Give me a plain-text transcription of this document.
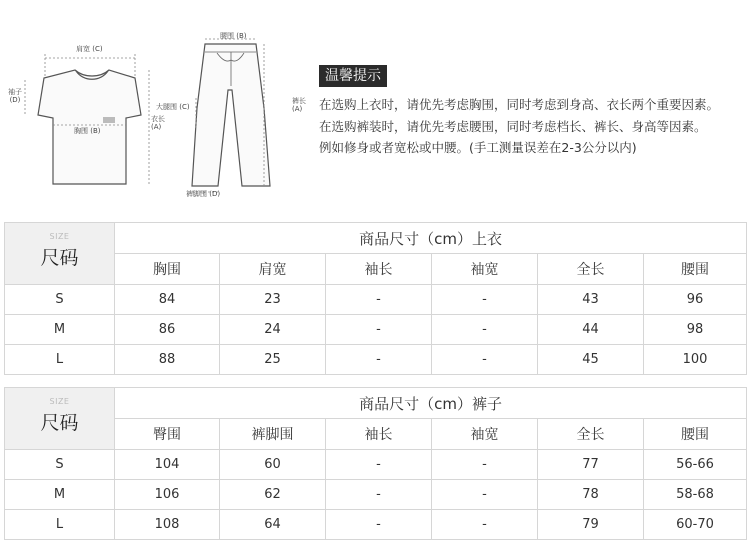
肩宽 (C)
袖子
(D)
衣长
(A)
胸围 (B)
腰围 (B)
大腿围 (C)
裤长
(A)
裤脚围 (D)
温馨提示
在选购上衣时，请优先考虑胸围，同时考虑到身高、衣长两个重要因素。
在选购裤装时，请优先考虑腰围，同时考虑档长、裤长、身高等因素。
例如修身或者宽松或中腰。(手工测量误差在2-3公分以内)
SIZE
尺码	商品尺寸（cm）上衣					
	胸围	肩宽	袖长	袖宽	全长	腰围
S	84	23	-	-	43	96
M	86	24	-	-	44	98
L	88	25	-	-	45	100
SIZE
尺码	商品尺寸（cm）裤子					
	臀围	裤脚围	袖长	袖宽	全长	腰围
S	104	60	-	-	77	56-66
M	106	62	-	-	78	58-68
L	108	64	-	-	79	60-70
